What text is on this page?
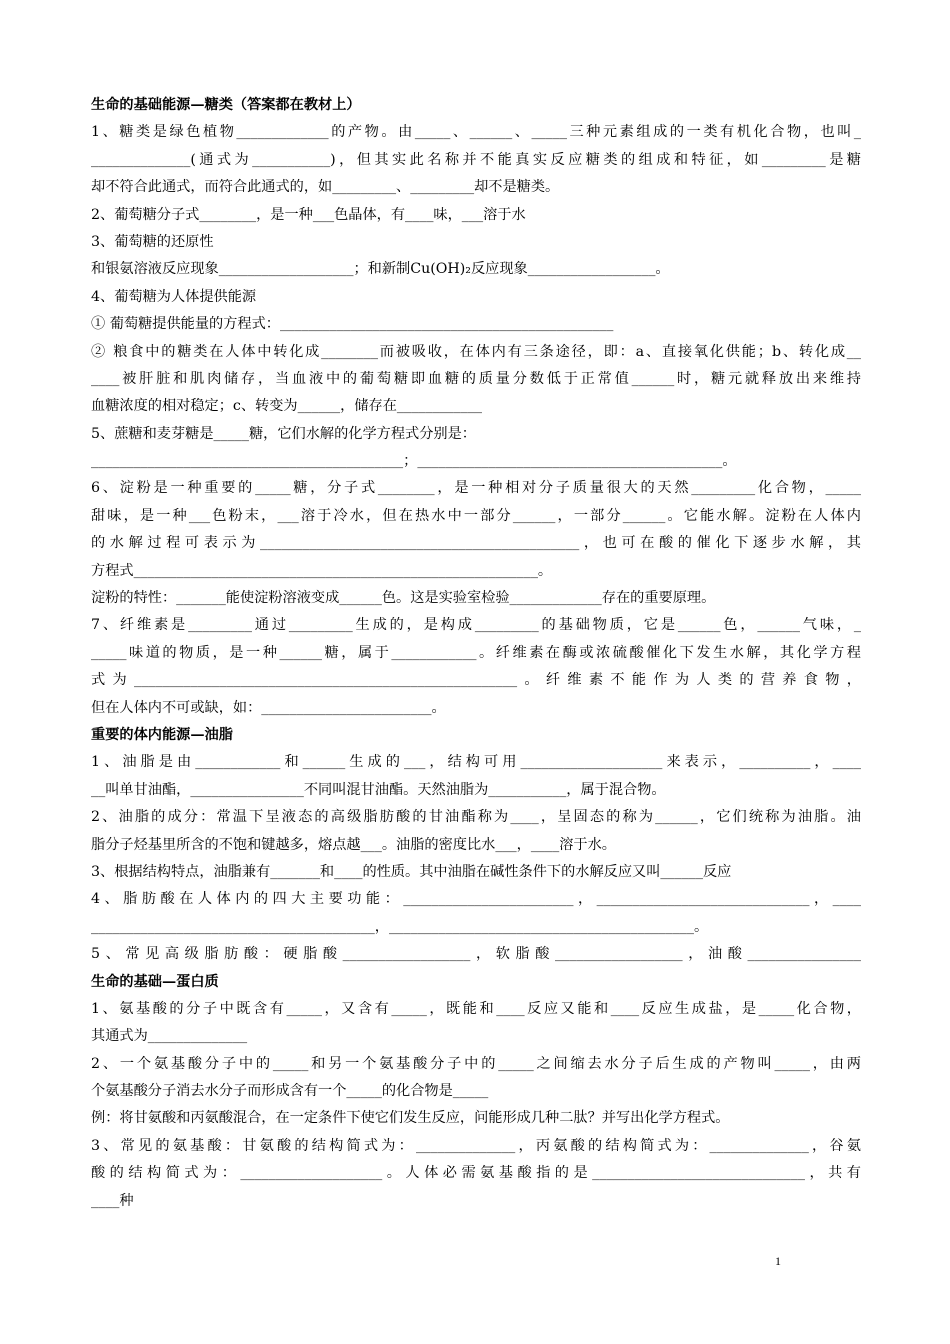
生命的基础能源—糖类（答案都在教材上）
1、糖类是绿色植物_____________的产物。由_____、______、_____三种元素组成的一类有机化合物，也叫_
______________(通式为___________)，但其实此名称并不能真实反应糖类的组成和特征，如_________是糖
却不符合此通式，而符合此通式的，如_________、_________却不是糖类。
2、葡萄糖分子式________，是一种___色晶体，有____味，___溶于水
3、葡萄糖的还原性
和银氨溶液反应现象___________________；和新制Cu(OH)₂反应现象__________________。
4、葡萄糖为人体提供能源
① 葡萄糖提供能量的方程式：_______________________________________________
② 粮食中的糖类在人体中转化成________而被吸收，在体内有三条途径，即：a、直接氧化供能；b、转化成__
____被肝脏和肌肉储存，当血液中的葡萄糖即血糖的质量分数低于正常值______时，糖元就释放出来维持
血糖浓度的相对稳定；c、转变为______，储存在____________
5、蔗糖和麦芽糖是_____糖，它们水解的化学方程式分别是：
____________________________________________；___________________________________________。
6、淀粉是一种重要的_____糖，分子式________，是一种相对分子质量很大的天然_________化合物，_____
甜味，是一种___色粉末，___溶于冷水，但在热水中一部分______，一部分______。它能水解。淀粉在人体内
的水解过程可表示为_____________________________________________，也可在酸的催化下逐步水解，其
方程式_________________________________________________________。
淀粉的特性：_______能使淀粉溶液变成______色。这是实验室检验_____________存在的重要原理。
7、纤维素是_________通过_________生成的，是构成_________的基础物质，它是______色，______气味，_
_____味道的物质，是一种______糖，属于____________。纤维素在酶或浓硫酸催化下发生水解，其化学方程
式为______________________________________________________。纤维素不能作为人类的营养食物，
但在人体内不可或缺，如：________________________。
重要的体内能源—油脂
1、油脂是由____________和______生成的___，结构可用____________________来表示，__________，____
__叫单甘油酯，________________不同叫混甘油酯。天然油脂为___________，属于混合物。
2、油脂的成分：常温下呈液态的高级脂肪酸的甘油酯称为____，呈固态的称为______，它们统称为油脂。油
脂分子烃基里所含的不饱和键越多，熔点越___。油脂的密度比水___，____溶于水。
3、根据结构特点，油脂兼有_______和____的性质。其中油脂在碱性条件下的水解反应又叫______反应
4、脂肪酸在人体内的四大主要功能：________________________，______________________________，____
________________________________________，___________________________________________。
5、常见高级脂肪酸：硬脂酸__________________，软脂酸__________________，油酸________________
生命的基础—蛋白质
1、氨基酸的分子中既含有_____，又含有_____，既能和____反应又能和____反应生成盐，是_____化合物，
其通式为______________
2、一个氨基酸分子中的_____和另一个氨基酸分子中的_____之间缩去水分子后生成的产物叫_____，由两
个氨基酸分子消去水分子而形成含有一个_____的化合物是_____
例：将甘氨酸和丙氨酸混合，在一定条件下使它们发生反应，问能形成几种二肽？并写出化学方程式。
3、常见的氨基酸：甘氨酸的结构简式为：______________，丙氨酸的结构简式为：______________，谷氨
酸的结构简式为：____________________。人体必需氨基酸指的是______________________________，共有
____种
1
